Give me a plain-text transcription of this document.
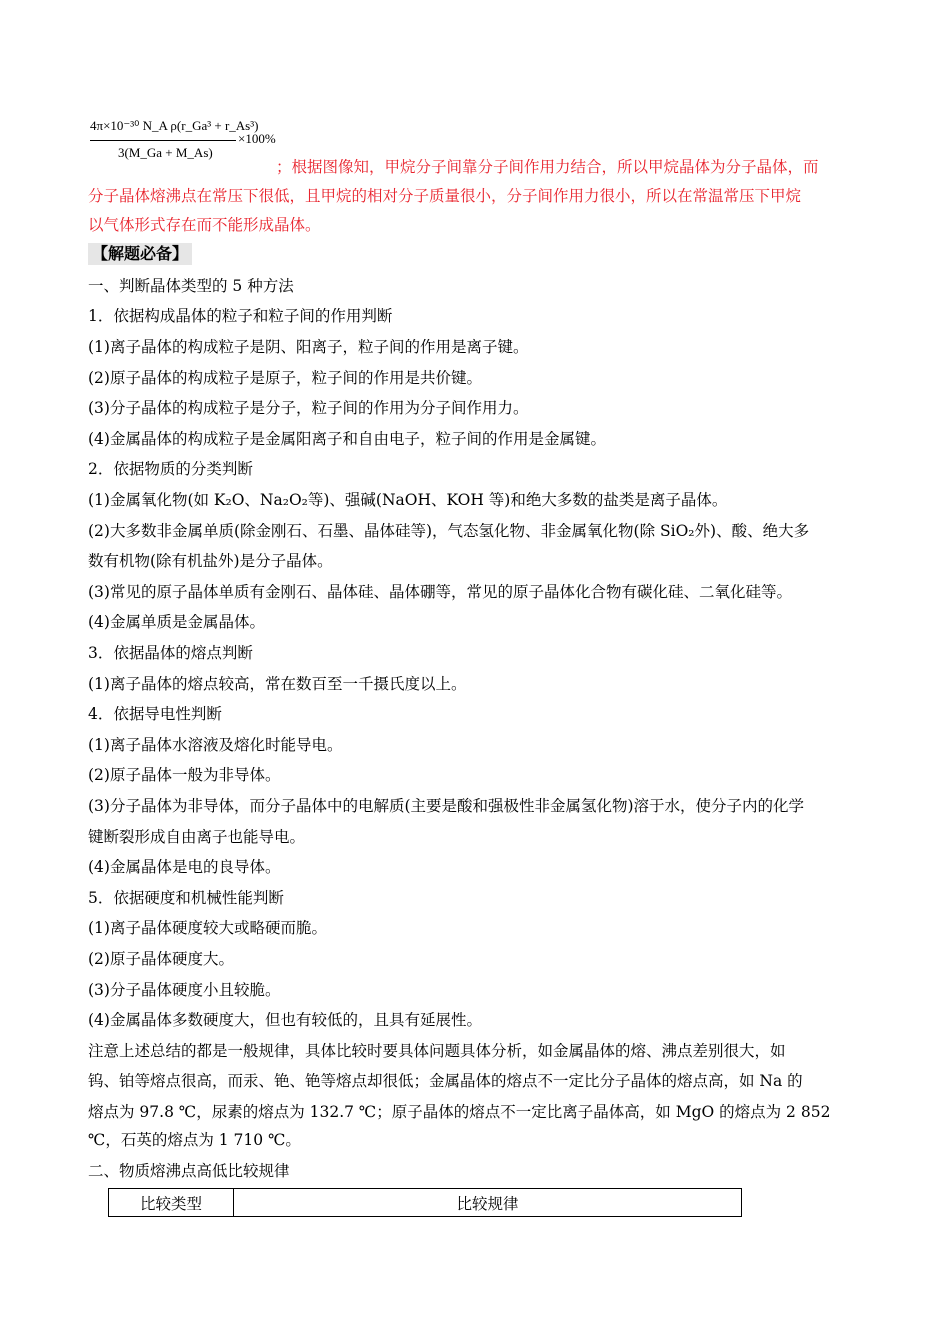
4π×10⁻³⁰ N_A ρ(r_Ga³ + r_As³)
3(M_Ga + M_As)
×100%
；根据图像知，甲烷分子间靠分子间作用力结合，所以甲烷晶体为分子晶体，而
分子晶体熔沸点在常压下很低，且甲烷的相对分子质量很小，分子间作用力很小，所以在常温常压下甲烷
以气体形式存在而不能形成晶体。
【解题必备】
一、判断晶体类型的 5 种方法
1．依据构成晶体的粒子和粒子间的作用判断
(1)离子晶体的构成粒子是阴、阳离子，粒子间的作用是离子键。
(2)原子晶体的构成粒子是原子，粒子间的作用是共价键。
(3)分子晶体的构成粒子是分子，粒子间的作用为分子间作用力。
(4)金属晶体的构成粒子是金属阳离子和自由电子，粒子间的作用是金属键。
2．依据物质的分类判断
(1)金属氧化物(如 K₂O、Na₂O₂等)、强碱(NaOH、KOH 等)和绝大多数的盐类是离子晶体。
(2)大多数非金属单质(除金刚石、石墨、晶体硅等)，气态氢化物、非金属氧化物(除 SiO₂外)、酸、绝大多
数有机物(除有机盐外)是分子晶体。
(3)常见的原子晶体单质有金刚石、晶体硅、晶体硼等，常见的原子晶体化合物有碳化硅、二氧化硅等。
(4)金属单质是金属晶体。
3．依据晶体的熔点判断
(1)离子晶体的熔点较高，常在数百至一千摄氏度以上。
4．依据导电性判断
(1)离子晶体水溶液及熔化时能导电。
(2)原子晶体一般为非导体。
(3)分子晶体为非导体，而分子晶体中的电解质(主要是酸和强极性非金属氢化物)溶于水，使分子内的化学
键断裂形成自由离子也能导电。
(4)金属晶体是电的良导体。
5．依据硬度和机械性能判断
(1)离子晶体硬度较大或略硬而脆。
(2)原子晶体硬度大。
(3)分子晶体硬度小且较脆。
(4)金属晶体多数硬度大，但也有较低的，且具有延展性。
注意上述总结的都是一般规律，具体比较时要具体问题具体分析，如金属晶体的熔、沸点差别很大，如
钨、铂等熔点很高，而汞、铯、铯等熔点却很低；金属晶体的熔点不一定比分子晶体的熔点高，如 Na 的
熔点为 97.8 ℃，尿素的熔点为 132.7 ℃；原子晶体的熔点不一定比离子晶体高，如 MgO 的熔点为 2 852
℃，石英的熔点为 1 710 ℃。
二、物质熔沸点高低比较规律
比较类型	比较规律
